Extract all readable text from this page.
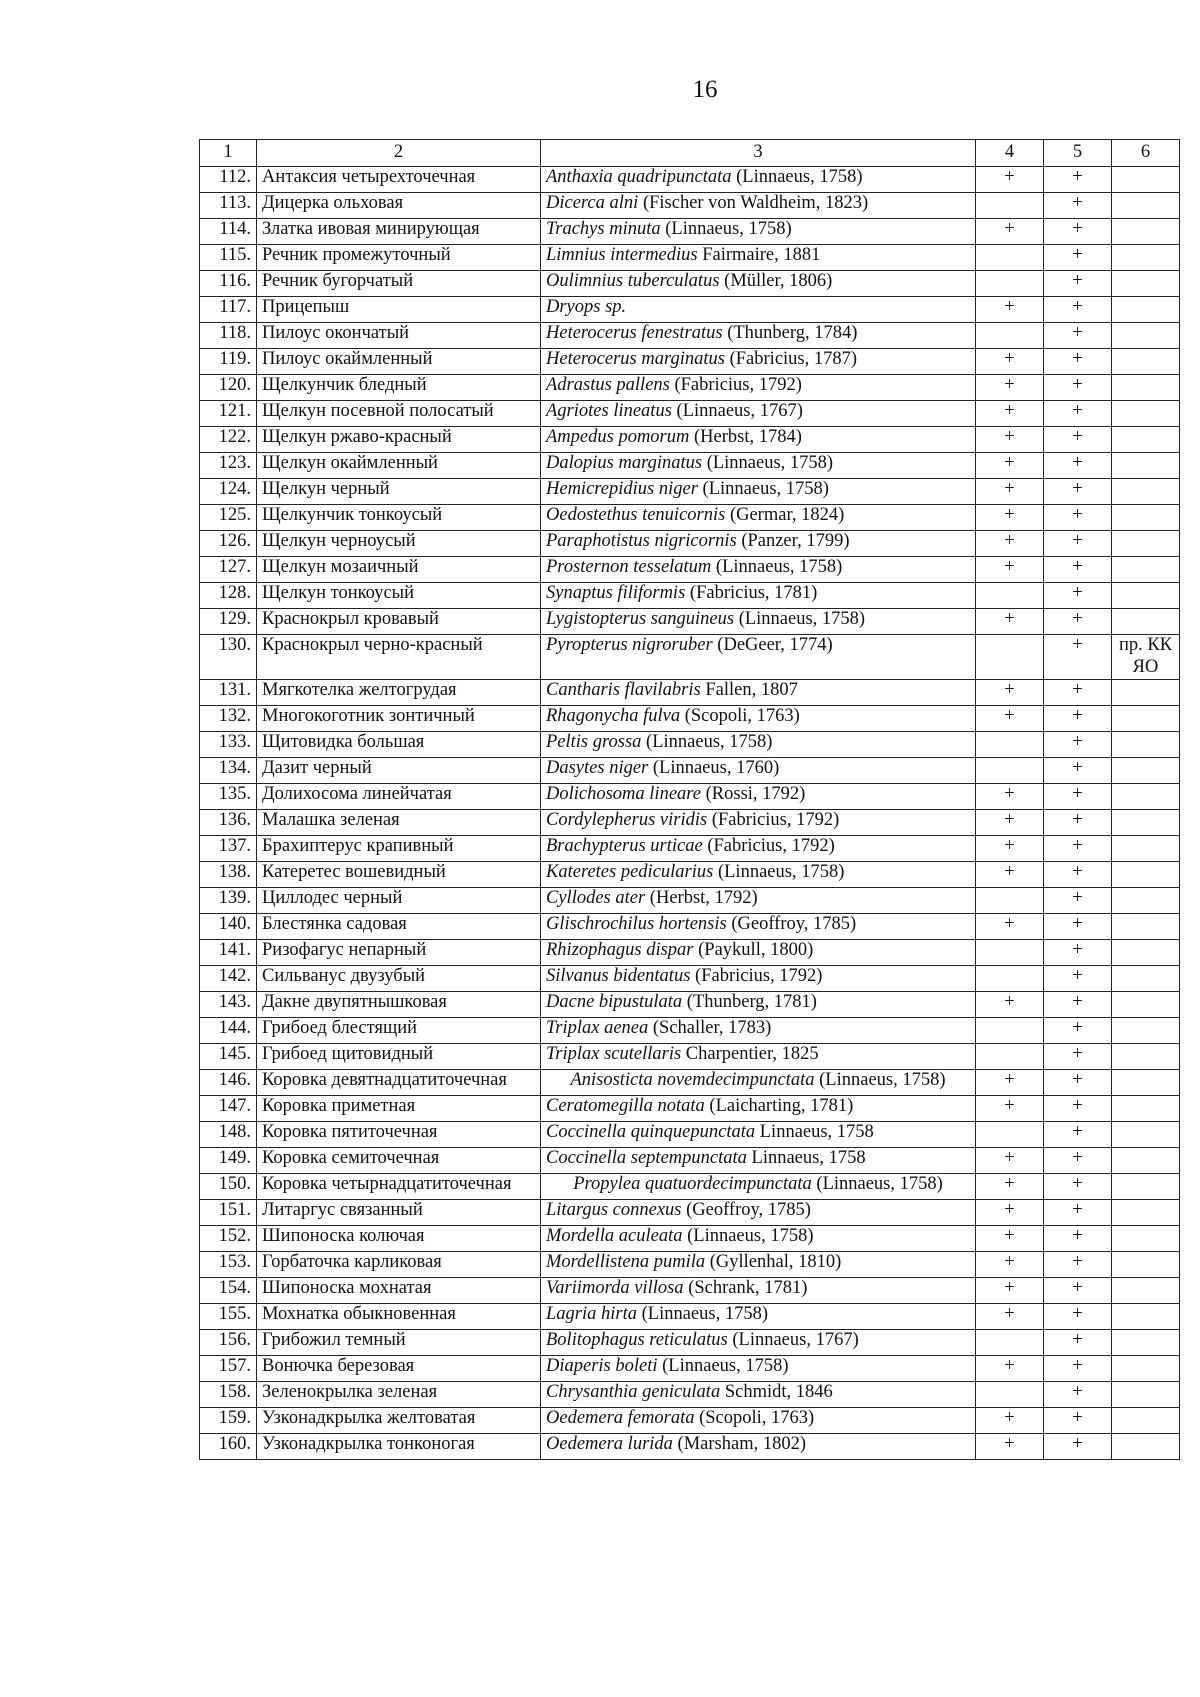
16
1	2	3	4	5	6
112.	Антаксия четырехточечная	Anthaxia quadripunctata (Linnaeus, 1758)	+	+	
113.	Дицерка ольховая	Dicerca alni (Fischer von Waldheim, 1823)		+	
114.	Златка ивовая минирующая	Trachys minuta (Linnaeus, 1758)	+	+	
115.	Речник промежуточный	Limnius intermedius Fairmaire, 1881		+	
116.	Речник бугорчатый	Oulimnius tuberculatus (Müller, 1806)		+	
117.	Прицепыш	Dryops sp.	+	+	
118.	Пилоус окончатый	Heterocerus fenestratus (Thunberg, 1784)		+	
119.	Пилоус окаймленный	Heterocerus marginatus (Fabricius, 1787)	+	+	
120.	Щелкунчик бледный	Adrastus pallens (Fabricius, 1792)	+	+	
121.	Щелкун посевной полосатый	Agriotes lineatus (Linnaeus, 1767)	+	+	
122.	Щелкун ржаво-красный	Ampedus pomorum (Herbst, 1784)	+	+	
123.	Щелкун окаймленный	Dalopius marginatus (Linnaeus, 1758)	+	+	
124.	Щелкун черный	Hemicrepidius niger (Linnaeus, 1758)	+	+	
125.	Щелкунчик тонкоусый	Oedostethus tenuicornis (Germar, 1824)	+	+	
126.	Щелкун черноусый	Paraphotistus nigricornis (Panzer, 1799)	+	+	
127.	Щелкун мозаичный	Prosternon tesselatum (Linnaeus, 1758)	+	+	
128.	Щелкун тонкоусый	Synaptus filiformis (Fabricius, 1781)		+	
129.	Краснокрыл кровавый	Lygistopterus sanguineus (Linnaeus, 1758)	+	+	
130.	Краснокрыл черно-красный	Pyropterus nigroruber (DeGeer, 1774)		+	пр. КК ЯО
131.	Мягкотелка желтогрудая	Cantharis flavilabris Fallen, 1807	+	+	
132.	Многокоготник зонтичный	Rhagonycha fulva (Scopoli, 1763)	+	+	
133.	Щитовидка большая	Peltis grossa (Linnaeus, 1758)		+	
134.	Дазит черный	Dasytes niger (Linnaeus, 1760)		+	
135.	Долихосома линейчатая	Dolichosoma lineare (Rossi, 1792)	+	+	
136.	Малашка зеленая	Cordylepherus viridis (Fabricius, 1792)	+	+	
137.	Брахиптерус крапивный	Brachypterus urticae (Fabricius, 1792)	+	+	
138.	Катеретес вошевидный	Kateretes pedicularius (Linnaeus, 1758)	+	+	
139.	Циллодес черный	Cyllodes ater (Herbst, 1792)		+	
140.	Блестянка садовая	Glischrochilus hortensis (Geoffroy, 1785)	+	+	
141.	Ризофагус непарный	Rhizophagus dispar (Paykull, 1800)		+	
142.	Сильванус двузубый	Silvanus bidentatus (Fabricius, 1792)		+	
143.	Дакне двупятнышковая	Dacne bipustulata (Thunberg, 1781)	+	+	
144.	Грибоед блестящий	Triplax aenea (Schaller, 1783)		+	
145.	Грибоед щитовидный	Triplax scutellaris Charpentier, 1825		+	
146.	Коровка девятнадцатиточечная	Anisosticta novemdecimpunctata (Linnaeus, 1758)	+	+	
147.	Коровка приметная	Ceratomegilla notata (Laicharting, 1781)	+	+	
148.	Коровка пятиточечная	Coccinella quinquepunctata Linnaeus, 1758		+	
149.	Коровка семиточечная	Coccinella septempunctata Linnaeus, 1758	+	+	
150.	Коровка четырнадцатиточечная	Propylea quatuordecimpunctata (Linnaeus, 1758)	+	+	
151.	Литаргус связанный	Litargus connexus (Geoffroy, 1785)	+	+	
152.	Шипоноска колючая	Mordella aculeata (Linnaeus, 1758)	+	+	
153.	Горбаточка карликовая	Mordellistena pumila (Gyllenhal, 1810)	+	+	
154.	Шипоноска мохнатая	Variimorda villosa (Schrank, 1781)	+	+	
155.	Мохнатка обыкновенная	Lagria hirta (Linnaeus, 1758)	+	+	
156.	Грибожил темный	Bolitophagus reticulatus (Linnaeus, 1767)		+	
157.	Вонючка березовая	Diaperis boleti (Linnaeus, 1758)	+	+	
158.	Зеленокрылка зеленая	Chrysanthia geniculata Schmidt, 1846		+	
159.	Узконадкрылка желтоватая	Oedemera femorata (Scopoli, 1763)	+	+	
160.	Узконадкрылка тонконогая	Oedemera lurida (Marsham, 1802)	+	+	
